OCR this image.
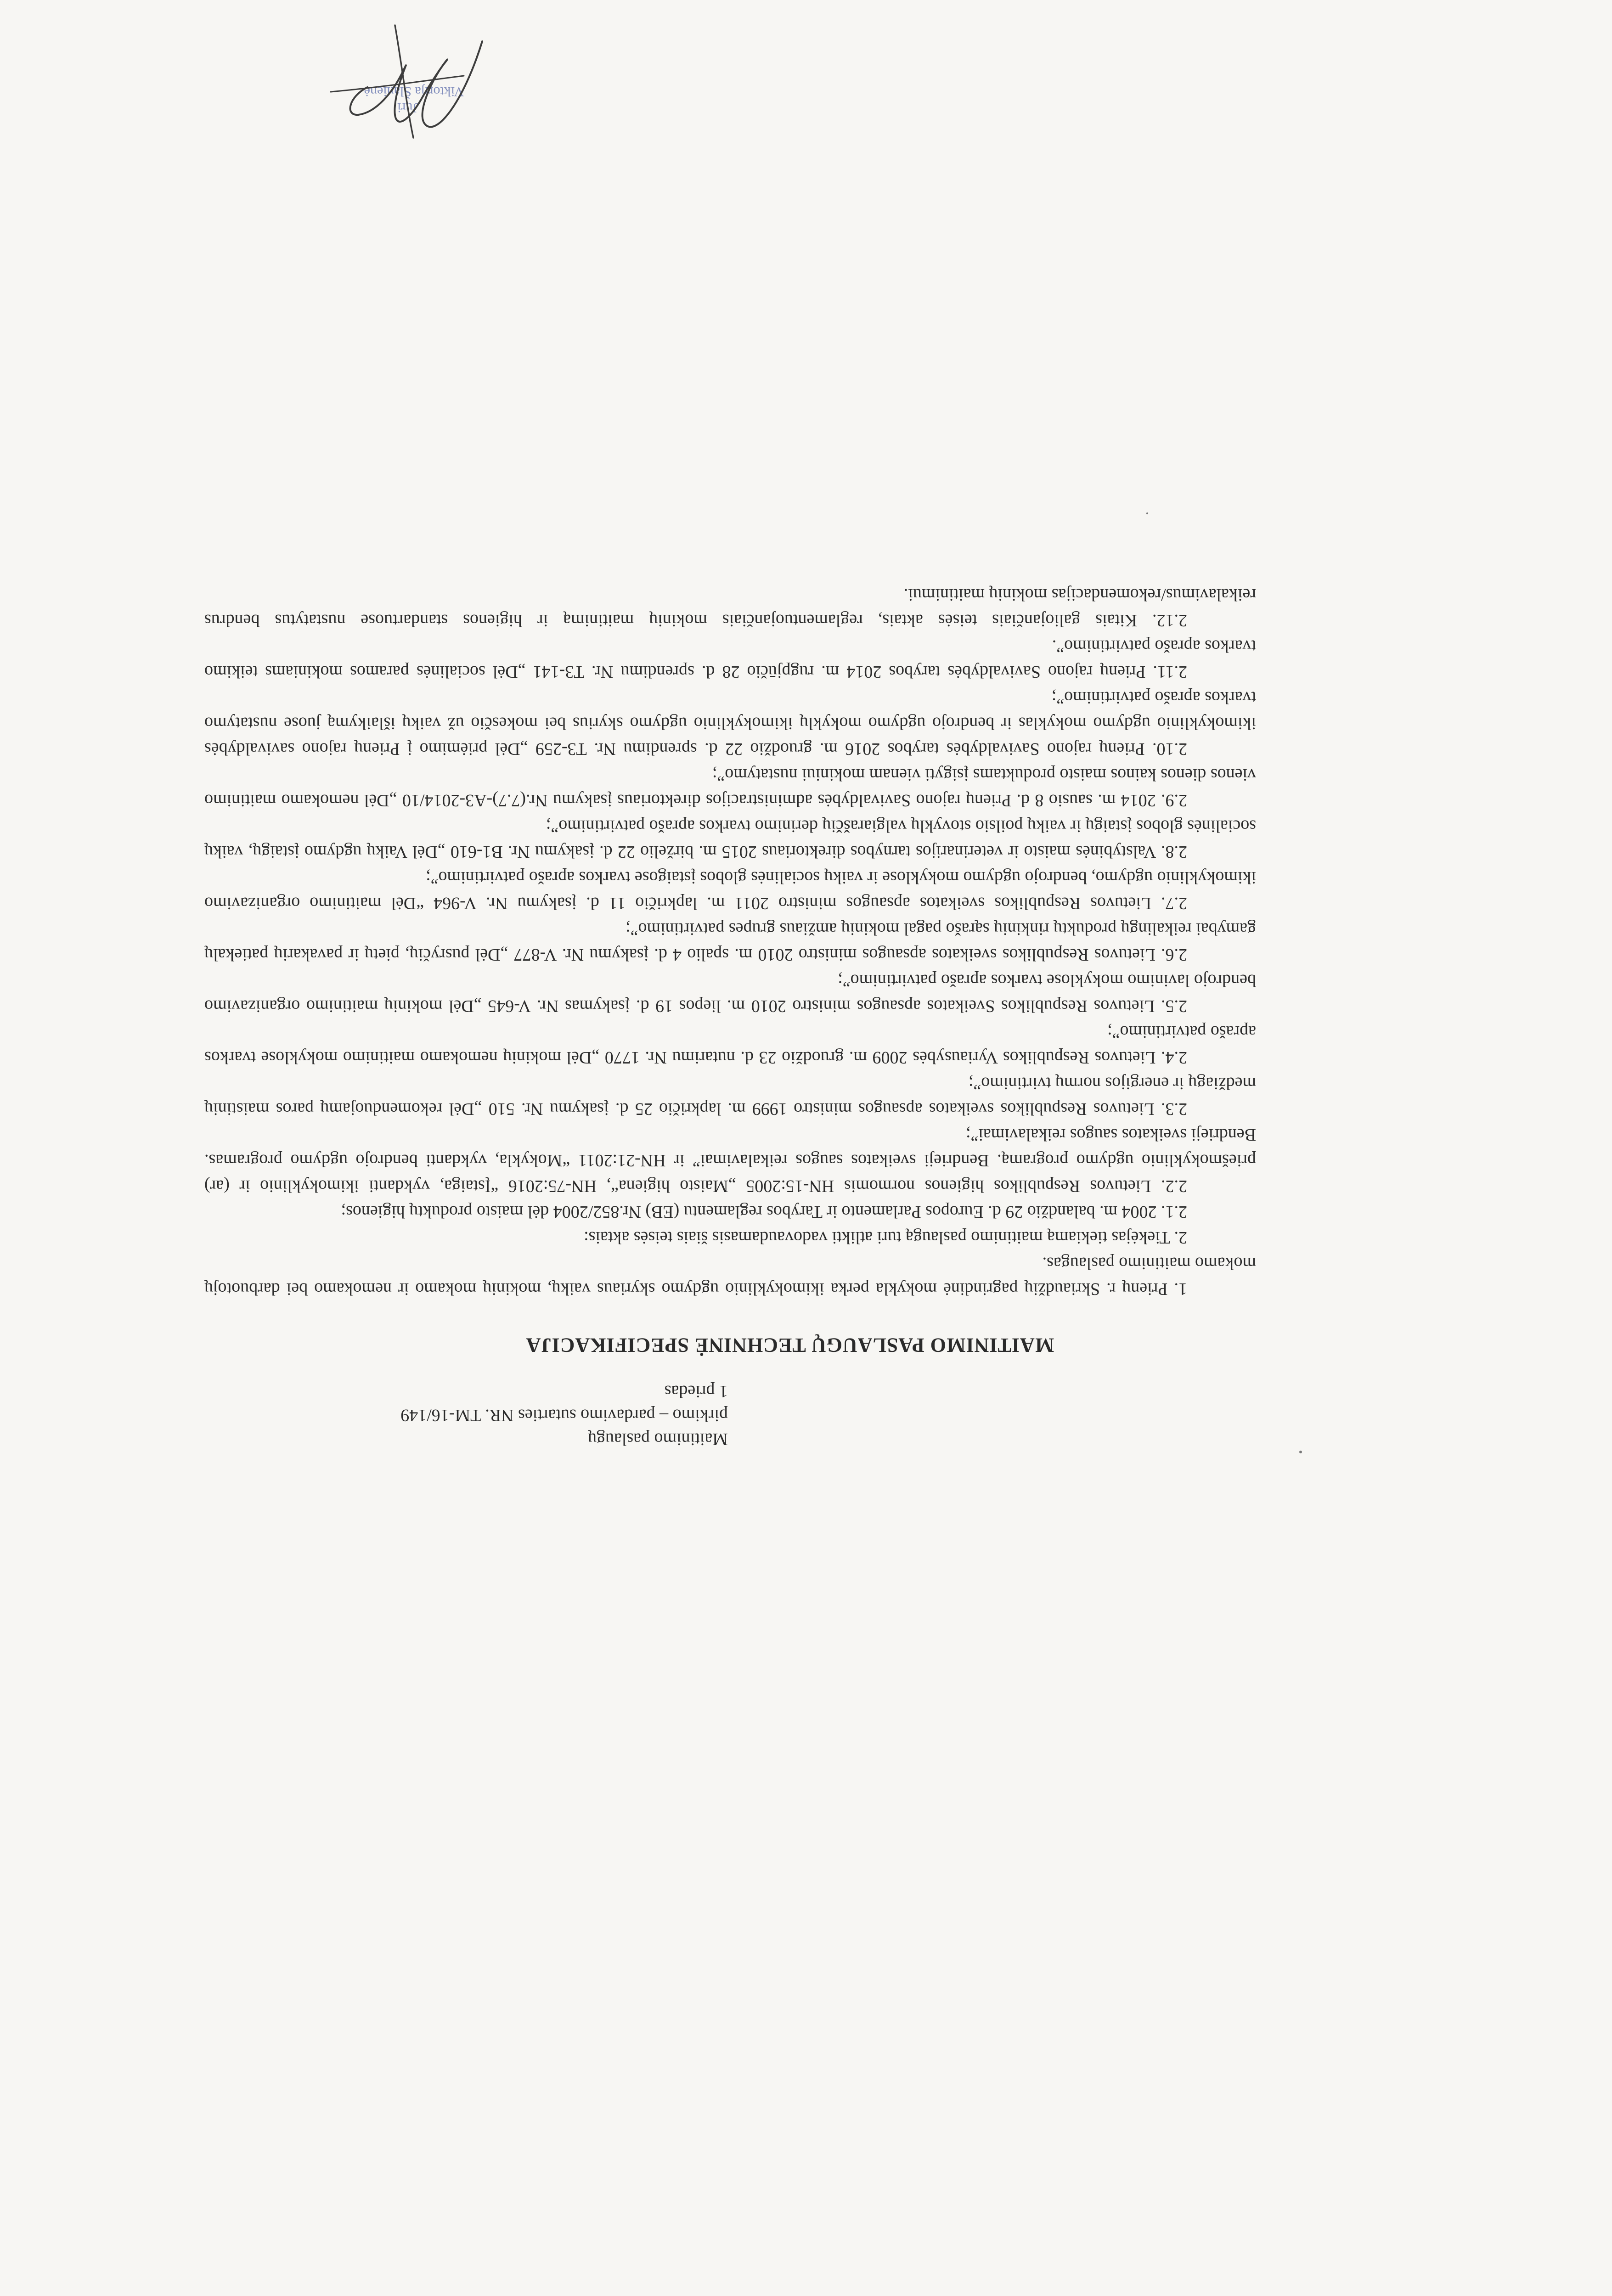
Maitinimo paslaugų
pirkimo – pardavimo sutarties NR. TM-16/149
1 priedas
MAITINIMO PASLAUGŲ TECHNINĖ SPECIFIKACIJA

1. Prienų r. Skriaudžių pagrindinė mokykla perka ikimokyklinio ugdymo skyriaus vaikų, mokinių mokamo ir nemokamo bei darbuotojų mokamo maitinimo paslaugas.

2. Tiekėjas tiekiamą maitinimo paslaugą turi atlikti vadovaudamasis šiais teisės aktais:

2.1. 2004 m. balandžio 29 d. Europos Parlamento ir Tarybos reglamentu (EB) Nr.852/2004 dėl maisto produktų higienos;

2.2. Lietuvos Respublikos higienos normomis HN-15:2005 „Maisto higiena“, HN-75:2016 “Įstaiga, vykdanti ikimokyklinio ir (ar) priešmokyklinio ugdymo programą. Bendrieji sveikatos saugos reikalavimai” ir HN-21:2011 “Mokykla, vykdanti bendrojo ugdymo programas. Bendrieji sveikatos saugos reikalavimai”;

2.3. Lietuvos Respublikos sveikatos apsaugos ministro 1999 m. lapkričio 25 d. įsakymu Nr. 510 „Dėl rekomenduojamų paros maistinių medžiagų ir energijos normų tvirtinimo”;

2.4. Lietuvos Respublikos Vyriausybės 2009 m. gruodžio 23 d. nutarimu Nr. 1770 „Dėl mokinių nemokamo maitinimo mokyklose tvarkos aprašo patvirtinimo”;

2.5. Lietuvos Respublikos Sveikatos apsaugos ministro 2010 m. liepos 19 d. įsakymas Nr. V-645 „Dėl mokinių maitinimo organizavimo bendrojo lavinimo mokyklose tvarkos aprašo patvirtinimo”;

2.6. Lietuvos Respublikos sveikatos apsaugos ministro 2010 m. spalio 4 d. įsakymu Nr. V-877 „Dėl pusryčių, pietų ir pavakarių patiekalų gamybai reikalingų produktų rinkinių sąrašo pagal mokinių amžiaus grupes patvirtinimo”;

2.7. Lietuvos Respublikos sveikatos apsaugos ministro 2011 m. lapkričio 11 d. įsakymu Nr. V-964 “Dėl maitinimo organizavimo ikimokyklinio ugdymo, bendrojo ugdymo mokyklose ir vaikų socialinės globos įstaigose tvarkos aprašo patvirtinimo”;

2.8. Valstybinės maisto ir veterinarijos tarnybos direktoriaus 2015 m. birželio 22 d. įsakymu Nr. B1-610 „Dėl Vaikų ugdymo įstaigų, vaikų socialinės globos įstaigų ir vaikų poilsio stovyklų valgiaraščių derinimo tvarkos aprašo patvirtinimo”;

2.9. 2014 m. sausio 8 d. Prienų rajono Savivaldybės administracijos direktoriaus įsakymu Nr.(7.7)-A3-2014/10 „Dėl nemokamo maitinimo vienos dienos kainos maisto produktams įsigyti vienam mokiniui nustatymo”;

2.10. Prienų rajono Savivaldybės tarybos 2016 m. gruodžio 22 d. sprendimu Nr. T3-259 „Dėl priėmimo į Prienų rajono savivaldybės ikimokyklinio ugdymo mokyklas ir bendrojo ugdymo mokyklų ikimokyklinio ugdymo skyrius bei mokesčio už vaikų išlaikymą juose nustatymo tvarkos aprašo patvirtinimo”;

2.11. Prienų rajono Savivaldybės tarybos 2014 m. rugpjūčio 28 d. sprendimu Nr. T3-141 „Dėl socialinės paramos mokiniams teikimo tvarkos aprašo patvirtinimo”.

2.12. Kitais galiojančiais teisės aktais, reglamentuojančiais mokinių maitinimą ir higienos standartuose nustatytus bendrus reikalavimus/rekomendacijas mokinių maitinimui.

Juri
Viktorija Šlanienė
